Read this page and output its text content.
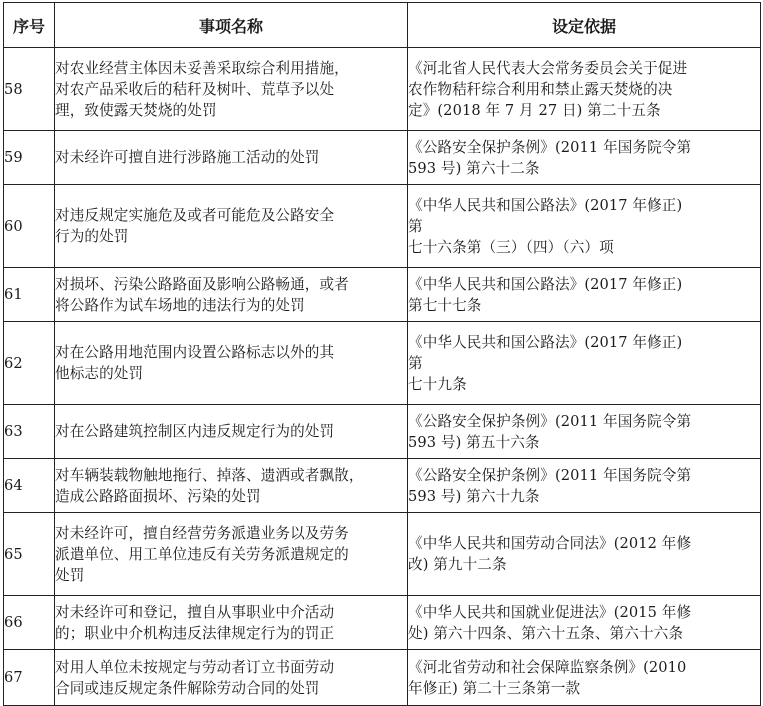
序号	事项名称	设定依据
58	对农业经营主体因未妥善采取综合利用措施，
对农产品采收后的秸秆及树叶、荒草予以处
理，致使露天焚烧的处罚	《河北省人民代表大会常务委员会关于促进
农作物秸秆综合利用和禁止露天焚烧的决
定》(2018 年 7 月 27 日) 第二十五条

59	对未经许可擅自进行涉路施工活动的处罚	《公路安全保护条例》(2011 年国务院令第
593 号) 第六十二条

60	对违反规定实施危及或者可能危及公路安全
行为的处罚	《中华人民共和国公路法》(2017 年修正)
第
七十六条第（三）（四）（六）项

61	对损坏、污染公路路面及影响公路畅通，或者
将公路作为试车场地的违法行为的处罚	《中华人民共和国公路法》(2017 年修正)
第七十七条

62	对在公路用地范围内设置公路标志以外的其
他标志的处罚	《中华人民共和国公路法》(2017 年修正)
第
七十九条

63	对在公路建筑控制区内违反规定行为的处罚	《公路安全保护条例》(2011 年国务院令第
593 号) 第五十六条

64	对车辆装载物触地拖行、掉落、遗洒或者飘散，
造成公路路面损坏、污染的处罚	《公路安全保护条例》(2011 年国务院令第
593 号) 第六十九条

65	对未经许可，擅自经营劳务派遣业务以及劳务
派遣单位、用工单位违反有关劳务派遣规定的
处罚	《中华人民共和国劳动合同法》(2012 年修
改) 第九十二条

66	对未经许可和登记，擅自从事职业中介活动
的；职业中介机构违反法律规定行为的罚正	《中华人民共和国就业促进法》(2015 年修
处) 第六十四条、第六十五条、第六十六条

67	对用人单位未按规定与劳动者订立书面劳动
合同或违反规定条件解除劳动合同的处罚	《河北省劳动和社会保障监察条例》(2010
年修正) 第二十三条第一款
